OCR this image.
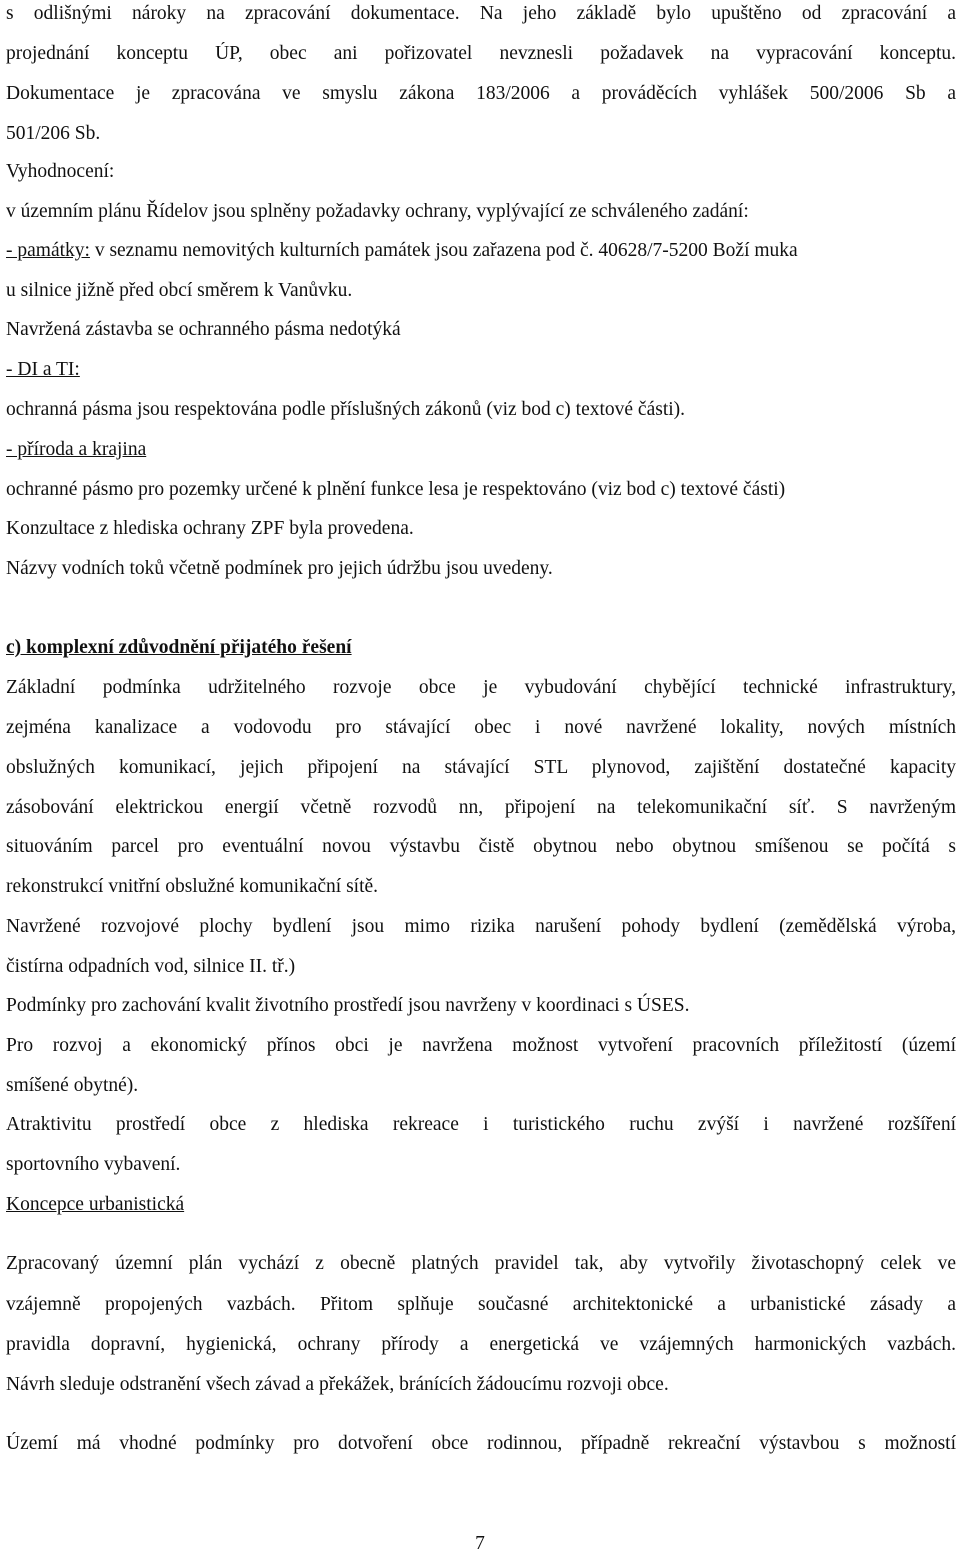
s odlišnými nároky na zpracování dokumentace. Na jeho základě bylo upuštěno od zpracování a
projednání konceptu ÚP, obec ani pořizovatel nevznesli požadavek na vypracování konceptu.
Dokumentace je zpracována ve smyslu zákona 183/2006 a prováděcích vyhlášek 500/2006 Sb a
501/206 Sb.
Vyhodnocení:
v územním plánu Řídelov jsou splněny požadavky ochrany, vyplývající ze schváleného zadání:
- památky: v seznamu nemovitých kulturních památek jsou zařazena pod č. 40628/7-5200 Boží muka
u silnice jižně před obcí směrem k Vanůvku.
Navržená zástavba se ochranného pásma nedotýká
- DI a TI:
ochranná pásma jsou respektována podle příslušných zákonů (viz bod c) textové části).
- příroda a krajina
ochranné pásmo pro pozemky určené k plnění funkce lesa je respektováno (viz bod c) textové části)
Konzultace z hlediska ochrany ZPF byla provedena.
Názvy vodních toků včetně podmínek pro jejich údržbu jsou uvedeny.
c) komplexní zdůvodnění přijatého řešení
Základní podmínka udržitelného rozvoje obce je vybudování chybějící technické infrastruktury,
zejména kanalizace a vodovodu pro stávající obec i nové navržené lokality, nových místních
obslužných komunikací, jejich připojení na stávající STL plynovod, zajištění dostatečné kapacity
zásobování elektrickou energií včetně rozvodů nn, připojení na telekomunikační síť. S navrženým
situováním parcel pro eventuální novou výstavbu čistě obytnou nebo obytnou smíšenou se počítá s
rekonstrukcí vnitřní obslužné komunikační sítě.
Navržené rozvojové plochy bydlení jsou mimo rizika narušení pohody bydlení (zemědělská výroba,
čistírna odpadních vod, silnice II. tř.)
Podmínky pro zachování kvalit životního prostředí jsou navrženy v koordinaci s ÚSES.
Pro rozvoj a ekonomický přínos obci je navržena možnost vytvoření pracovních příležitostí (území
smíšené obytné).
Atraktivitu prostředí obce z hlediska rekreace i turistického ruchu zvýší i navržené rozšíření
sportovního vybavení.
Koncepce urbanistická
Zpracovaný územní plán vychází z obecně platných pravidel tak, aby vytvořily životaschopný celek ve
vzájemně propojených vazbách. Přitom splňuje současné architektonické a urbanistické zásady a
pravidla dopravní, hygienická, ochrany přírody a energetická ve vzájemných harmonických vazbách.
Návrh sleduje odstranění všech závad a překážek, bránících žádoucímu rozvoji obce.
Území má vhodné podmínky pro dotvoření obce rodinnou, případně rekreační výstavbou s možností
7
